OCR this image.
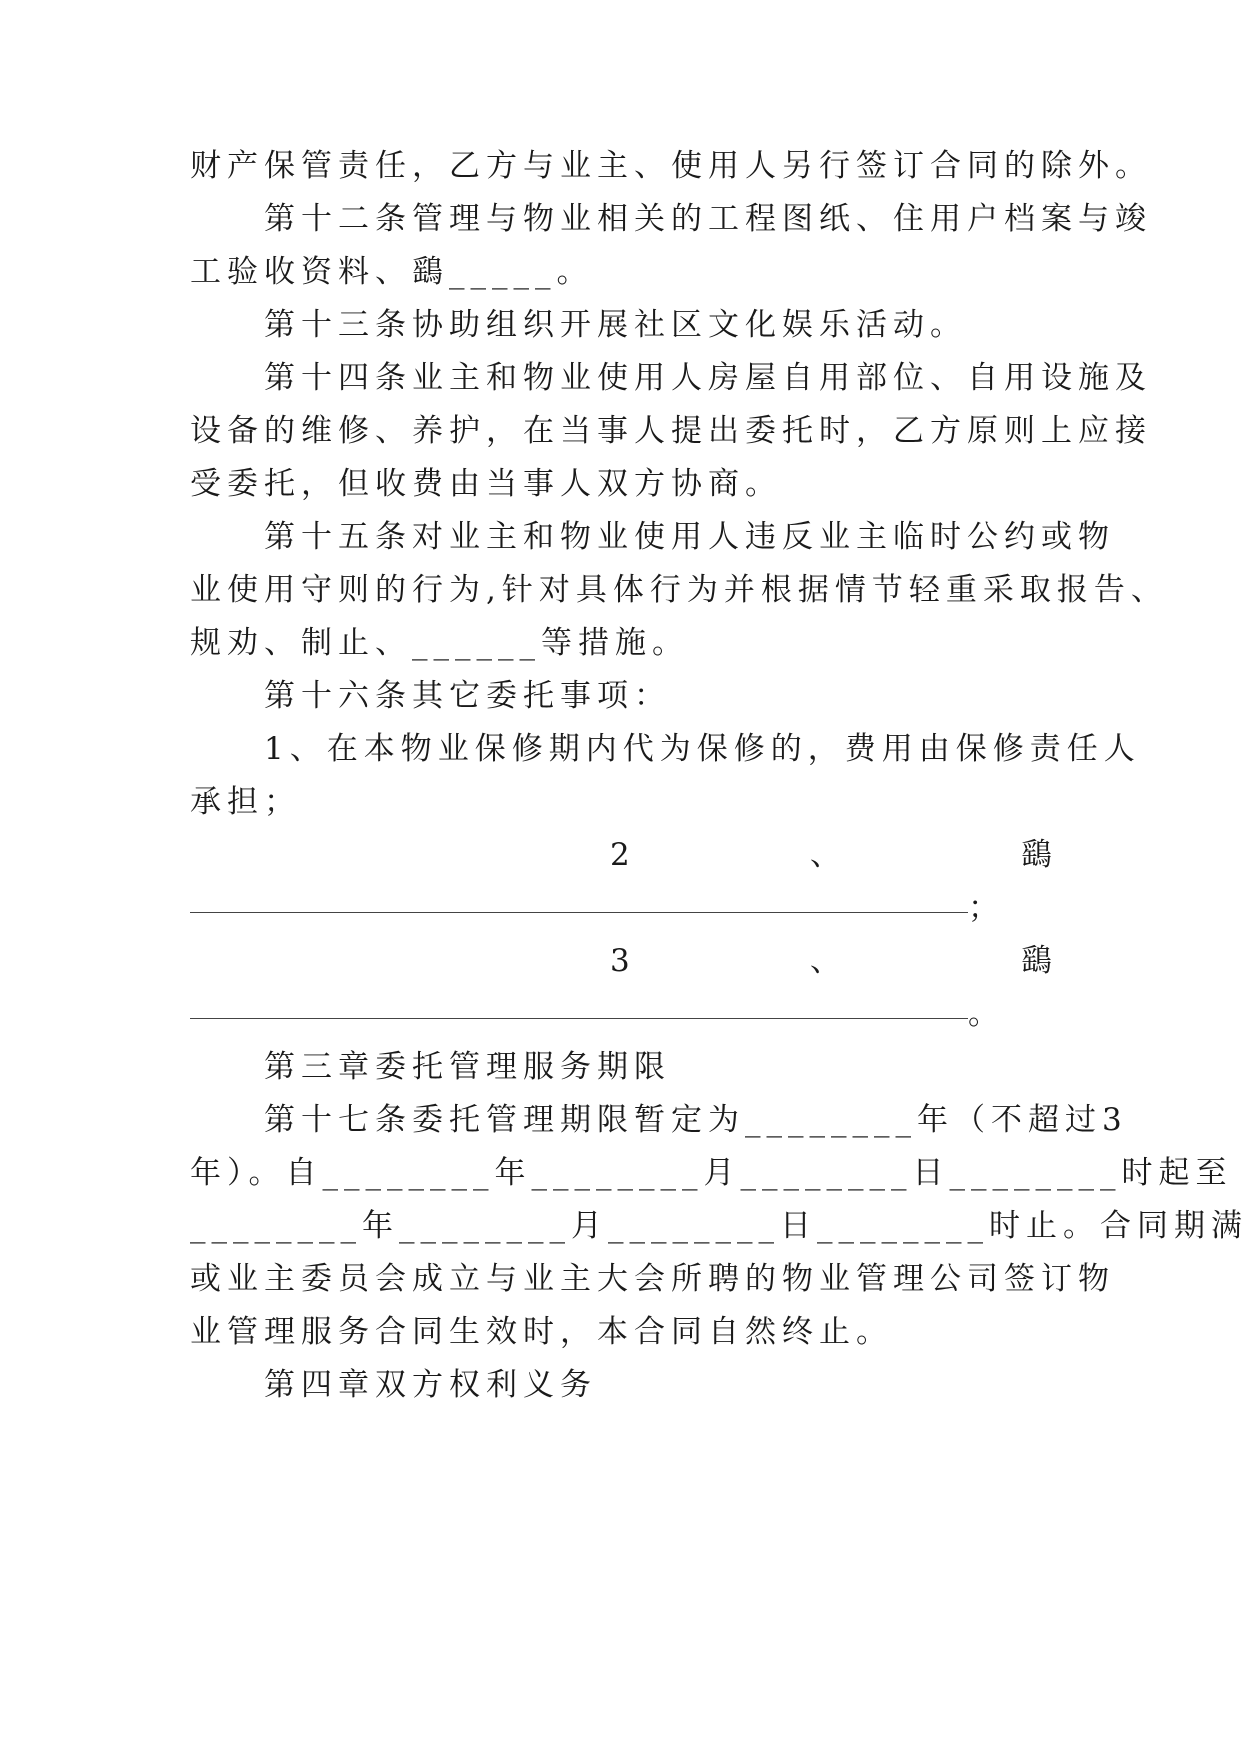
财产保管责任，乙方与业主、使用人另行签订合同的除外。
　　第十二条管理与物业相关的工程图纸、住用户档案与竣
工验收资料、鷂_____。
　　第十三条协助组织开展社区文化娱乐活动。
　　第十四条业主和物业使用人房屋自用部位、自用设施及
设备的维修、养护，在当事人提出委托时，乙方原则上应接
受委托，但收费由当事人双方协商。
　　第十五条对业主和物业使用人违反业主临时公约或物
业使用守则的行为,针对具体行为并根据情节轻重采取报告、
规劝、制止、______等措施。
　　第十六条其它委托事项：
　　1、在本物业保修期内代为保修的，费用由保修责任人
承担；
2	、	鷂
；
3	、	鷂
。
　　第三章委托管理服务期限
　　第十七条委托管理期限暂定为________年（不超过3
年）。自________年________月________日________时起至
________年________月________日________时止。合同期满
或业主委员会成立与业主大会所聘的物业管理公司签订物
业管理服务合同生效时，本合同自然终止。
　　第四章双方权利义务
